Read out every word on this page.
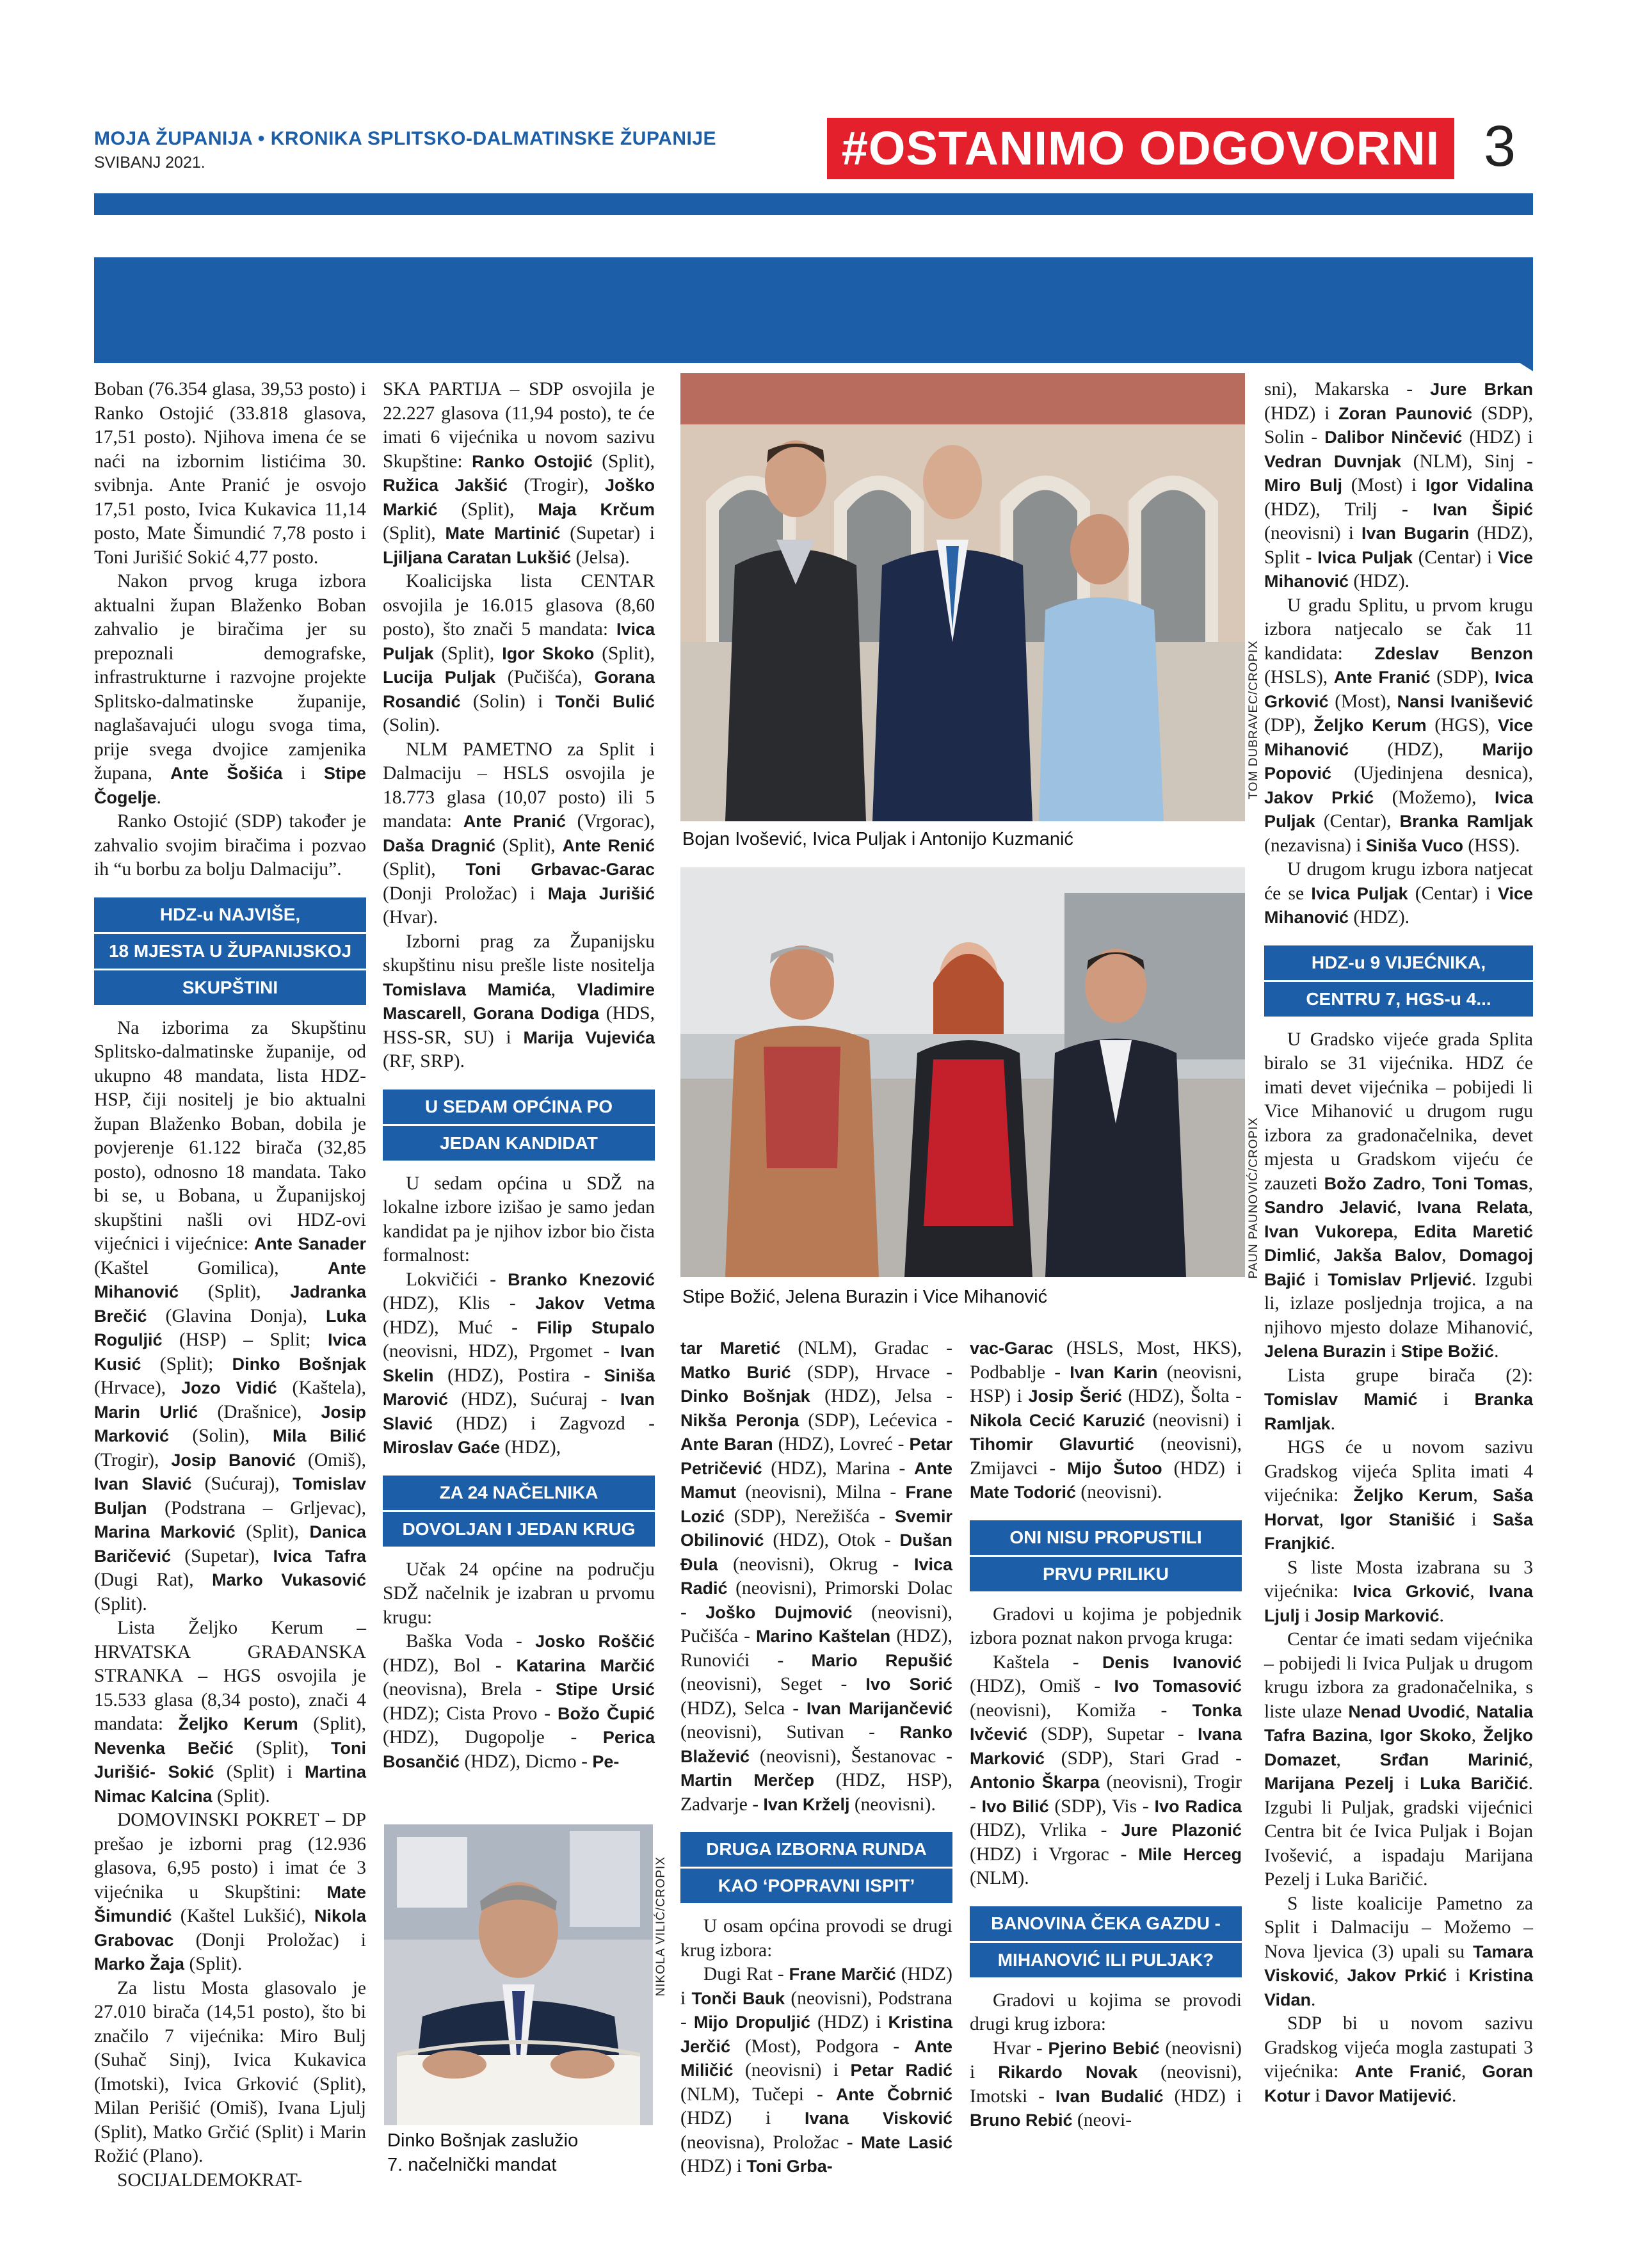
MOJA ŽUPANIJA • KRONIKA SPLITSKO-DALMATINSKE ŽUPANIJE
SVIBANJ 2021.	#OSTANIMO ODGOVORNI 3

Boban (76.354 glasa, 39,53 posto) i Ranko Ostojić (33.818 glasova, 17,51 posto). Njihova imena će se naći na izbornim listićima 30. svibnja. Ante Pranić je osvojo 17,51 posto, Ivica Kukavica 11,14 posto, Mate Šimundić 7,78 posto i Toni Jurišić Sokić 4,77 posto.

Nakon prvog kruga izbora aktualni župan Blaženko Boban zahvalio je biračima jer su prepoznali demografske, infrastrukturne i razvojne projekte Splitsko-dalmatinske županije, naglašavajući ulogu svoga tima, prije svega dvojice zamjenika župana, Ante Šošića i Stipe Čogelje.

Ranko Ostojić (SDP) također je zahvalio svojim biračima i pozvao ih “u borbu za bolju Dalmaciju”.

HDZ-u NAJVIŠE,
18 MJESTA U ŽUPANIJSKOJ
SKUPŠTINI

Na izborima za Skupštinu Splitsko-dalmatinske županije, od ukupno 48 mandata, lista HDZ-HSP, čiji nositelj je bio aktualni župan Blaženko Boban, dobila je povjerenje 61.122 birača (32,85 posto), odnosno 18 mandata. Tako bi se, u Bobana, u Županijskoj skupštini našli ovi HDZ-ovi vijećnici i vijećnice: Ante Sanader (Kaštel Gomilica), Ante Mihanović (Split), Jadranka Brečić (Glavina Donja), Luka Roguljić (HSP) – Split; Ivica Kusić (Split); Dinko Bošnjak (Hrvace), Jozo Vidić (Kaštela), Marin Urlić (Drašnice), Josip Marković (Solin), Mila Bilić (Trogir), Josip Banović (Omiš), Ivan Slavić (Sućuraj), Tomislav Buljan (Podstrana – Grljevac), Marina Marković (Split), Danica Baričević (Supetar), Ivica Tafra (Dugi Rat), Marko Vukasović (Split).

Lista Željko Kerum – HRVATSKA GRAĐANSKA STRANKA – HGS osvojila je 15.533 glasa (8,34 posto), znači 4 mandata: Željko Kerum (Split), Nevenka Bečić (Split), Toni Jurišić- Sokić (Split) i Martina Nimac Kalcina (Split).

DOMOVINSKI POKRET – DP prešao je izborni prag (12.936 glasova, 6,95 posto) i imat će 3 vijećnika u Skupštini: Mate Šimundić (Kaštel Lukšić), Nikola Grabovac (Donji Proložac) i Marko Žaja (Split).

Za listu Mosta glasovalo je 27.010 birača (14,51 posto), što bi značilo 7 vijećnika: Miro Bulj (Suhač Sinj), Ivica Kukavica (Imotski), Ivica Grković (Split), Milan Perišić (Omiš), Ivana Ljulj (Split), Matko Grčić (Split) i Marin Rožić (Plano).

SOCIJALDEMOKRAT-

SKA PARTIJA – SDP osvojila je 22.227 glasova (11,94 posto), te će imati 6 vijećnika u novom sazivu Skupštine: Ranko Ostojić (Split), Ružica Jakšić (Trogir), Joško Markić (Split), Maja Krčum (Split), Mate Martinić (Supetar) i Ljiljana Caratan Lukšić (Jelsa).

Koalicijska lista CENTAR osvojila je 16.015 glasova (8,60 posto), što znači 5 mandata: Ivica Puljak (Split), Igor Skoko (Split), Lucija Puljak (Pučišća), Gorana Rosandić (Solin) i Tonči Bulić (Solin).

NLM PAMETNO za Split i Dalmaciju – HSLS osvojila je 18.773 glasa (10,07 posto) ili 5 mandata: Ante Pranić (Vrgorac), Daša Dragnić (Split), Ante Renić (Split), Toni Grbavac-Garac (Donji Proložac) i Maja Jurišić (Hvar).

Izborni prag za Županijsku skupštinu nisu prešle liste nositelja Tomislava Mamića, Vladimire Mascarell, Gorana Dodiga (HDS, HSS-SR, SU) i Marija Vujevića (RF, SRP).

U SEDAM OPĆINA PO
JEDAN KANDIDAT

U sedam općina u SDŽ na lokalne izbore izišao je samo jedan kandidat pa je njihov izbor bio čista formalnost:

Lokvičići - Branko Knezović (HDZ), Klis - Jakov Vetma (HDZ), Muć - Filip Stupalo (neovisni, HDZ), Prgomet - Ivan Skelin (HDZ), Postira - Siniša Marović (HDZ), Sućuraj - Ivan Slavić (HDZ) i Zagvozd - Miroslav Gaće (HDZ),

ZA 24 NAČELNIKA
DOVOLJAN I JEDAN KRUG

Učak 24 općine na području SDŽ načelnik je izabran u prvomu krugu:

Baška Voda - Josko Roščić (HDZ), Bol - Katarina Marčić (neovisna), Brela - Stipe Ursić (HDZ); Cista Provo - Božo Čupić (HDZ), Dugopolje - Perica Bosančić (HDZ), Dicmo - Pe-

NIKOLA VILIĆ/CROPIX
Dinko Bošnjak zaslužio
7. načelnički mandat
TOM DUBRAVEC/CROPIX
Bojan Ivošević, Ivica Puljak i Antonijo Kuzmanić
PAUN PAUNOVIĆ/CROPIX
Stipe Božić, Jelena Burazin i Vice Mihanović

tar Maretić (NLM), Gradac - Matko Burić (SDP), Hrvace - Dinko Bošnjak (HDZ), Jelsa - Nikša Peronja (SDP), Lećevica - Ante Baran (HDZ), Lovreć - Petar Petričević (HDZ), Marina - Ante Mamut (neovisni), Milna - Frane Lozić (SDP), Nerežišća - Svemir Obilinović (HDZ), Otok - Dušan Đula (neovisni), Okrug - Ivica Radić (neovisni), Primorski Dolac - Joško Dujmović (neovisni), Pučišća - Marino Kaštelan (HDZ), Runovići - Mario Repušić (neovisni), Seget - Ivo Sorić (HDZ), Selca - Ivan Marijančević (neovisni), Sutivan - Ranko Blažević (neovisni), Šestanovac - Martin Merčep (HDZ, HSP), Zadvarje - Ivan Krželj (neovisni).

DRUGA IZBORNA RUNDA
KAO ‘POPRAVNI ISPIT’

U osam općina provodi se drugi krug izbora:

Dugi Rat - Frane Marčić (HDZ) i Tonči Bauk (neovisni), Podstrana - Mijo Dropuljić (HDZ) i Kristina Jerčić (Most), Podgora - Ante Miličić (neovisni) i Petar Radić (NLM), Tučepi - Ante Čobrnić (HDZ) i Ivana Visković (neovisna), Proložac - Mate Lasić (HDZ) i Toni Grba-

vac-Garac (HSLS, Most, HKS), Podbablje - Ivan Karin (neovisni, HSP) i Josip Šerić (HDZ), Šolta - Nikola Cecić Karuzić (neovisni) i Tihomir Glavurtić (neovisni), Zmijavci - Mijo Šutoo (HDZ) i Mate Todorić (neovisni).

ONI NISU PROPUSTILI
PRVU PRILIKU

Gradovi u kojima je pobjednik izbora poznat nakon prvoga kruga:

Kaštela - Denis Ivanović (HDZ), Omiš - Ivo Tomasović (neovisni), Komiža - Tonka Ivčević (SDP), Supetar - Ivana Marković (SDP), Stari Grad - Antonio Škarpa (neovisni), Trogir - Ivo Bilić (SDP), Vis - Ivo Radica (HDZ), Vrlika - Jure Plazonić (HDZ) i Vrgorac - Mile Herceg (NLM).

BANOVINA ČEKA GAZDU -
MIHANOVIĆ ILI PULJAK?

Gradovi u kojima se provodi drugi krug izbora:

Hvar - Pjerino Bebić (neovisni) i Rikardo Novak (neovisni), Imotski - Ivan Budalić (HDZ) i Bruno Rebić (neovi-

sni), Makarska - Jure Brkan (HDZ) i Zoran Paunović (SDP), Solin - Dalibor Ninčević (HDZ) i Vedran Duvnjak (NLM), Sinj - Miro Bulj (Most) i Igor Vidalina (HDZ), Trilj - Ivan Šipić (neovisni) i Ivan Bugarin (HDZ), Split - Ivica Puljak (Centar) i Vice Mihanović (HDZ).

U gradu Splitu, u prvom krugu izbora natjecalo se čak 11 kandidata: Zdeslav Benzon (HSLS), Ante Franić (SDP), Ivica Grković (Most), Nansi Ivanišević (DP), Željko Kerum (HGS), Vice Mihanović (HDZ), Marijo Popović (Ujedinjena desnica), Jakov Prkić (Možemo), Ivica Puljak (Centar), Branka Ramljak (nezavisna) i Siniša Vuco (HSS).

U drugom krugu izbora natjecat će se Ivica Puljak (Centar) i Vice Mihanović (HDZ).

HDZ-u 9 VIJEĆNIKA,
CENTRU 7, HGS-u 4...

U Gradsko vijeće grada Splita biralo se 31 vijećnika. HDZ će imati devet vijećnika – pobijedi li Vice Mihanović u drugom rugu izbora za gradonačelnika, devet mjesta u Gradskom vijeću će zauzeti Božo Zadro, Toni Tomas, Sandro Jelavić, Ivana Relata, Ivan Vukorepa, Edita Maretić Dimlić, Jakša Balov, Domagoj Bajić i Tomislav Prljević. Izgubi li, izlaze posljednja trojica, a na njihovo mjesto dolaze Mihanović, Jelena Burazin i Stipe Božić.

Lista grupe birača (2): Tomislav Mamić i Branka Ramljak.

HGS će u novom sazivu Gradskog vijeća Splita imati 4 vijećnika: Željko Kerum, Saša Horvat, Igor Stanišić i Saša Franjkić.

S liste Mosta izabrana su 3 vijećnika: Ivica Grković, Ivana Ljulj i Josip Marković.

Centar će imati sedam vijećnika – pobijedi li Ivica Puljak u drugom krugu izbora za gradonačelnika, s liste ulaze Nenad Uvodić, Natalia Tafra Bazina, Igor Skoko, Željko Domazet, Srđan Marinić, Marijana Pezelj i Luka Baričić. Izgubi li Puljak, gradski vijećnici Centra bit će Ivica Puljak i Bojan Ivošević, a ispadaju Marijana Pezelj i Luka Baričić.

S liste koalicije Pametno za Split i Dalmaciju – Možemo – Nova ljevica (3) upali su Tamara Visković, Jakov Prkić i Kristina Vidan.

SDP bi u novom sazivu Gradskog vijeća mogla zastupati 3 vijećnika: Ante Franić, Goran Kotur i Davor Matijević.
